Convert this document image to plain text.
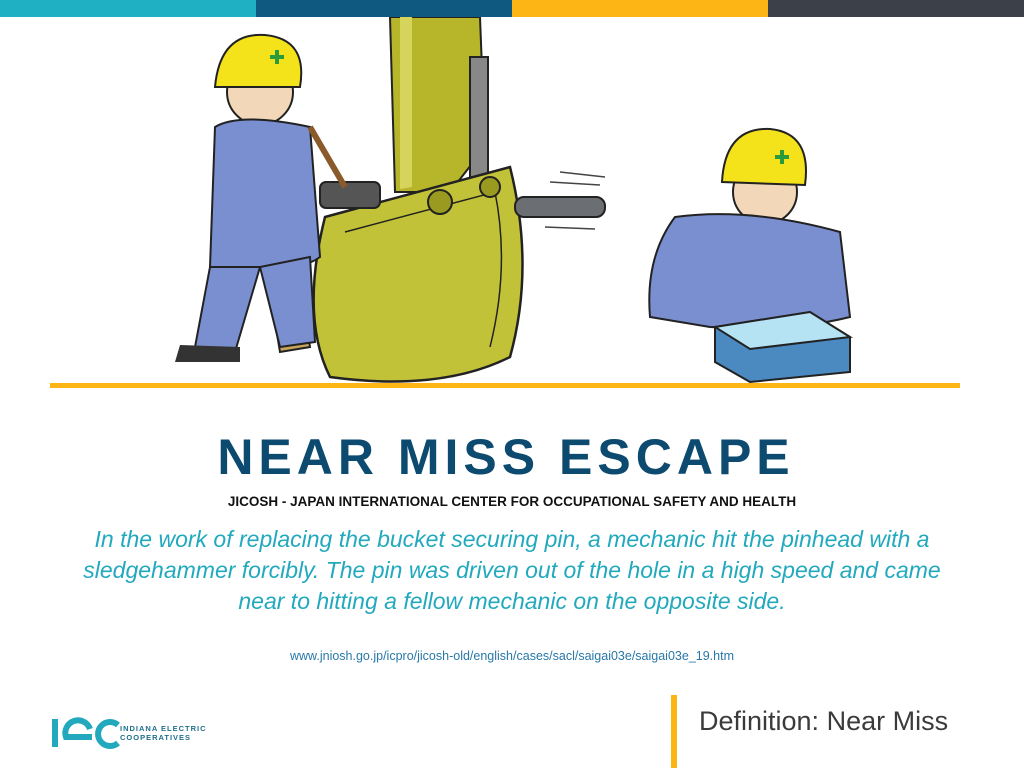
NEAR MISS ESCAPE
JICOSH - JAPAN INTERNATIONAL CENTER FOR OCCUPATIONAL SAFETY AND HEALTH
In the work of replacing the bucket securing pin, a mechanic hit the pinhead with a sledgehammer forcibly. The pin was driven out of the hole in a high speed and came near to hitting a fellow mechanic on the opposite side.
www.jniosh.go.jp/icpro/jicosh-old/english/cases/sacl/saigai03e/saigai03e_19.htm
INDIANA ELECTRIC
COOPERATIVES
Definition: Near Miss
